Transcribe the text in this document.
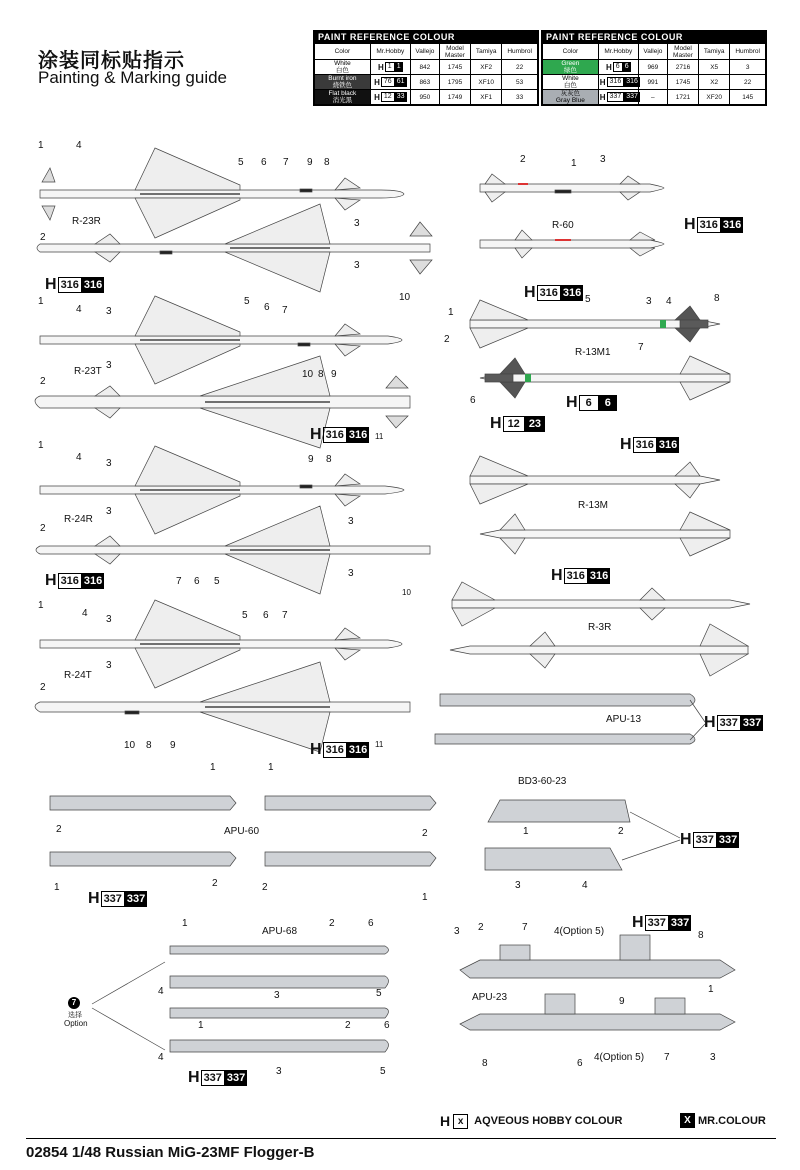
涂装同标贴指示
Painting & Marking guide
PAINT REFERENCE COLOUR
Color	Mr.Hobby	Vallejo	Model Master	Tamiya	Humbrol
White
白色	H 1 1	842	1745	XF2	22
Burnt iron
烧铁色	H 76 61	863	1795	XF10	53
Flat black
消光黑	H 12 33	950	1749	XF1	33
PAINT REFERENCE COLOUR
Color	Mr.Hobby	Vallejo	Model Master	Tamiya	Humbrol
Green
绿色	H 6 6	969	2716	X5	3
White
白色	H 316 316	991	1745	X2	22
灰灰色
Gray Blue	H 337 337	–	1721	XF20	145
R-23R
R-23T
R-24R
R-24T
R-60
R-13M1
R-13M
R-3R
APU-13
APU-60
BD3-60-23
APU-68
APU-23
4(Option 5)
4(Option 5)
7
选择
Option
1	4
5 6 7 9 8
2
3
3
10
1
4 3
5
6 7
3
10 8 9
2
11
1
4
3	9 8
3
2
3
7 6 5
3
10
1
4
3	5 6 7
3
2
10 8 9	11
2	1 3
1
5	3 4	8
2
7
6
1	1
2	2
1	2
1
2
1	2
3	4
1	2	6
4	3	5
1	2	6
4
3	5
3 2	7
8
9
1
8	6
7	3
H 316 316
H 316 316
H 316 316
H 316 316
H 316 316
H 316 316
H 6	6
H 12 23
H 316 316
H 316 316
H 337 337
H 337 337
H 337 337
H 337 337
H 337 337
H x AQVEOUS HOBBY COLOUR	X MR.COLOUR
02854 1/48 Russian MiG-23MF Flogger-B
